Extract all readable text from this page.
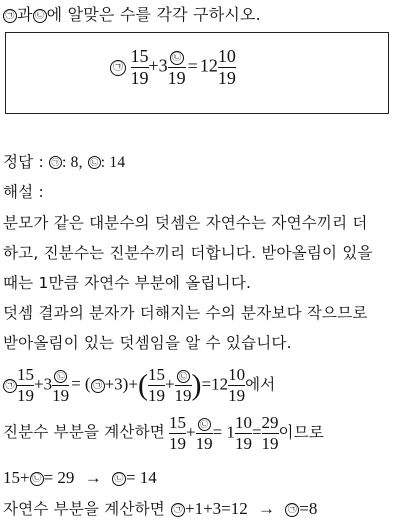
㉠ 과 ㉡ 에 알맞은 수를 각각 구하시오.
㉠ $\frac{15}{19} +3 \frac{㉡}{19} = 12 \frac{10}{19}$
정답 : ㉠ : 8, ㉡ : 14
해설 :
분모가 같은 대분수의 덧셈은 자연수는 자연수끼리 더
하고, 진분수는 진분수끼리 더합니다. 받아올림이 있을
때는 1만큼 자연수 부분에 올립니다.
덧셈 결과의 분자가 더해지는 수의 분자보다 작으므로
받아올림이 있는 덧셈임을 알 수 있습니다.
㉠ $\frac{15}{19} +3 \frac{㉡}{19}$ = ( ㉠ $+3)+( \frac{15}{19} + \frac{㉡}{19} )=12 \frac{10}{19}$ 에서
진분수 부분을 계산하면 $\frac{15}{19} + \frac{㉡}{19} = 1 \frac{10}{19} = \frac{29}{19}$ 이므로
15+ ㉡ = 29 → ㉡ = 14
자연수 부분을 계산하면 ㉠ +1+3=12 → ㉠ =8
